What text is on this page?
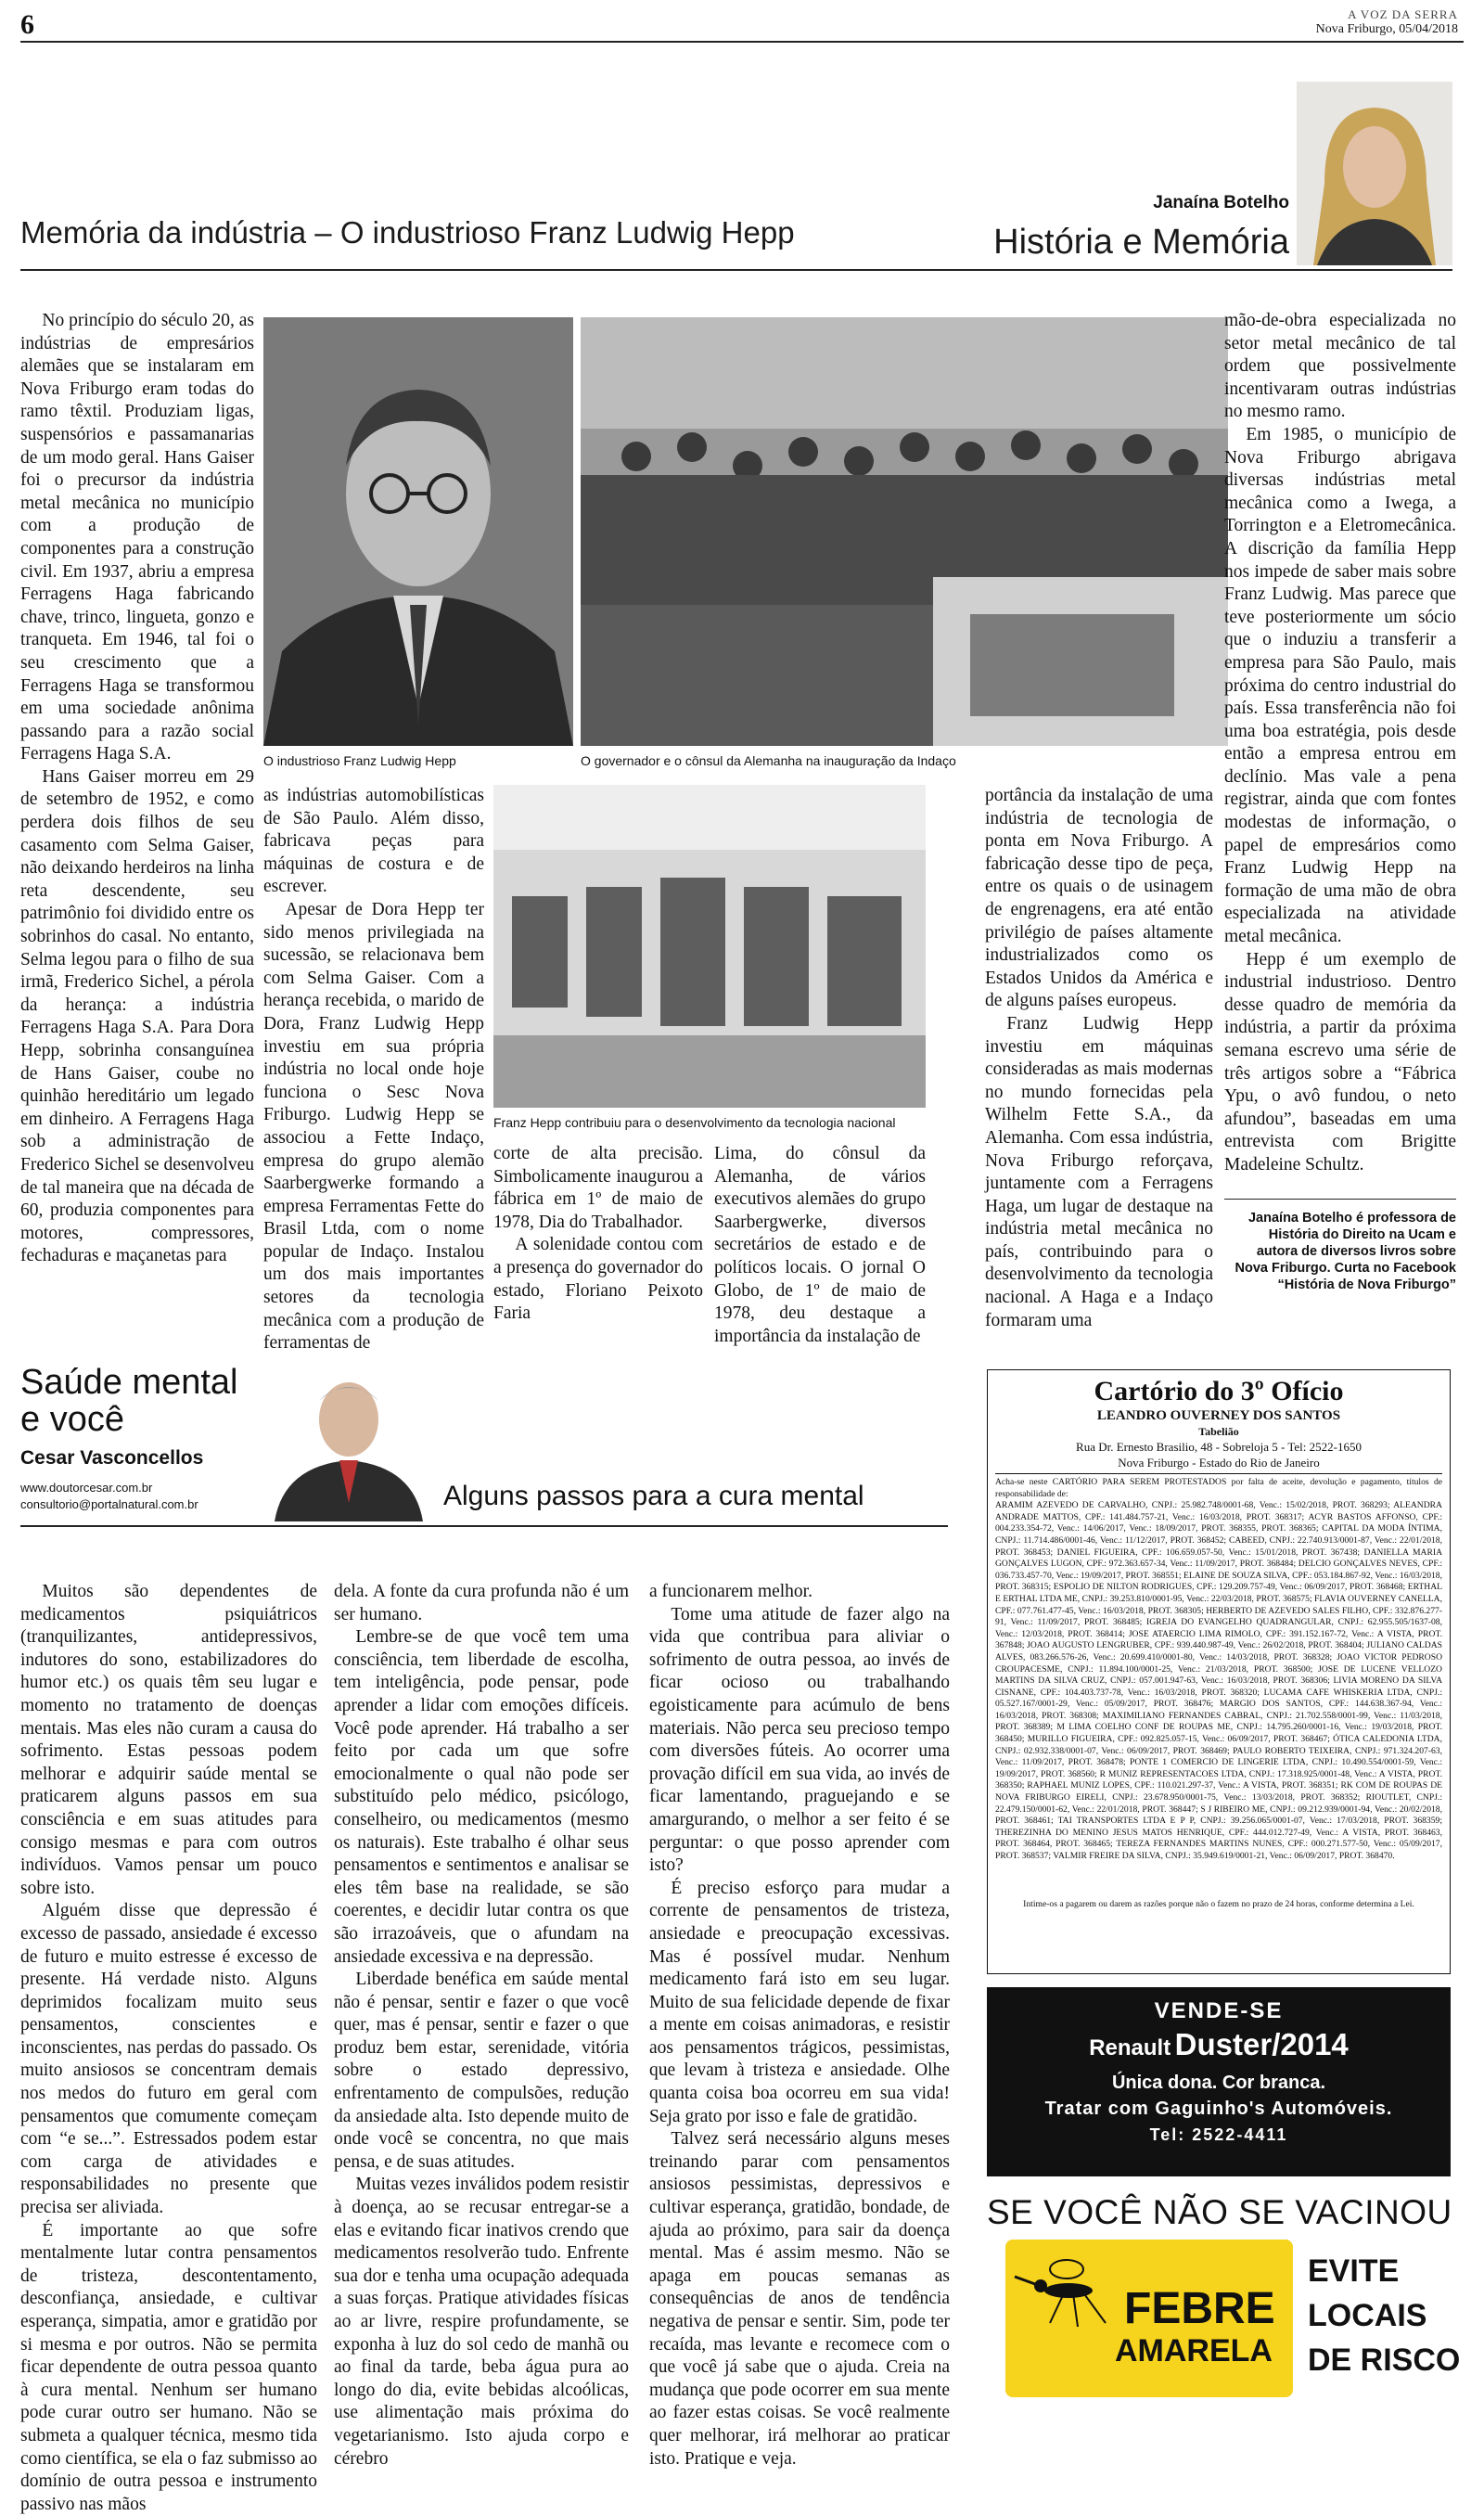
6	A VOZ DA SERRA
Nova Friburgo, 05/04/2018
Memória da indústria – O industrioso Franz Ludwig Hepp
Janaína Botelho
História e Memória

No princípio do século 20, as indústrias de empresários alemães que se instalaram em Nova Friburgo eram todas do ramo têxtil. Produziam ligas, suspensórios e passamanarias de um modo geral. Hans Gaiser foi o precursor da indústria metal mecânica no município com a produção de componentes para a construção civil. Em 1937, abriu a empresa Ferragens Haga fabricando chave, trinco, lingueta, gonzo e tranqueta. Em 1946, tal foi o seu crescimento que a Ferragens Haga se transformou em uma sociedade anônima passando para a razão social Ferragens Haga S.A.

Hans Gaiser morreu em 29 de setembro de 1952, e como perdera dois filhos de seu casamento com Selma Gaiser, não deixando herdeiros na linha reta descendente, seu patrimônio foi dividido entre os sobrinhos do casal. No entanto, Selma legou para o filho de sua irmã, Frederico Sichel, a pérola da herança: a indústria Ferragens Haga S.A. Para Dora Hepp, sobrinha consanguínea de Hans Gaiser, coube no quinhão hereditário um legado em dinheiro. A Ferragens Haga sob a administração de Frederico Sichel se desenvolveu de tal maneira que na década de 60, produzia componentes para motores, compressores, fechaduras e maçanetas para

O industrioso Franz Ludwig Hepp	O governador e o cônsul da Alemanha na inauguração da Indaço

as indústrias automobilísticas de São Paulo. Além disso, fabricava peças para máquinas de costura e de escrever.

Apesar de Dora Hepp ter sido menos privilegiada na sucessão, se relacionava bem com Selma Gaiser. Com a herança recebida, o marido de Dora, Franz Ludwig Hepp investiu em sua própria indústria no local onde hoje funciona o Sesc Nova Friburgo. Ludwig Hepp se associou a Fette Indaço, empresa do grupo alemão Saarbergwerke formando a empresa Ferramentas Fette do Brasil Ltda, com o nome popular de Indaço. Instalou um dos mais importantes setores da tecnologia mecânica com a produção de ferramentas de

Franz Hepp contribuiu para o desenvolvimento da tecnologia nacional

corte de alta precisão. Simbolicamente inaugurou a fábrica em 1º de maio de 1978, Dia do Trabalhador.

A solenidade contou com a presença do governador do estado, Floriano Peixoto Faria

Lima, do cônsul da Alemanha, de vários executivos alemães do grupo Saarbergwerke, diversos secretários de estado e de políticos locais. O jornal O Globo, de 1º de maio de 1978, deu destaque a importância da instalação de

portância da instalação de uma indústria de tecnologia de ponta em Nova Friburgo. A fabricação desse tipo de peça, entre os quais o de usinagem de engrenagens, era até então privilégio de países altamente industrializados como os Estados Unidos da América e de alguns países europeus.

Franz Ludwig Hepp investiu em máquinas consideradas as mais modernas no mundo fornecidas pela Wilhelm Fette S.A., da Alemanha. Com essa indústria, Nova Friburgo reforçava, juntamente com a Ferragens Haga, um lugar de destaque na indústria metal mecânica no país, contribuindo para o desenvolvimento da tecnologia nacional. A Haga e a Indaço formaram uma

mão-de-obra especializada no setor metal mecânico de tal ordem que possivelmente incentivaram outras indústrias no mesmo ramo.

Em 1985, o município de Nova Friburgo abrigava diversas indústrias metal mecânica como a Iwega, a Torrington e a Eletromecânica. A discrição da família Hepp nos impede de saber mais sobre Franz Ludwig. Mas parece que teve posteriormente um sócio que o induziu a transferir a empresa para São Paulo, mais próxima do centro industrial do país. Essa transferência não foi uma boa estratégia, pois desde então a empresa entrou em declínio. Mas vale a pena registrar, ainda que com fontes modestas de informação, o papel de empresários como Franz Ludwig Hepp na formação de uma mão de obra especializada na atividade metal mecânica.

Hepp é um exemplo de industrial industrioso. Dentro desse quadro de memória da indústria, a partir da próxima semana escrevo uma série de três artigos sobre a “Fábrica Ypu, o avô fundou, o neto afundou”, baseadas em uma entrevista com Brigitte Madeleine Schultz.

Janaína Botelho é professora de História do Direito na Ucam e autora de diversos livros sobre Nova Friburgo. Curta no Facebook “História de Nova Friburgo”
Saúde mental
e você
Cesar Vasconcellos
www.doutorcesar.com.br
consultorio@portalnatural.com.br	Alguns passos para a cura mental

Muitos são dependentes de medicamentos psiquiátricos (tranquilizantes, antidepressivos, indutores do sono, estabilizadores do humor etc.) os quais têm seu lugar e momento no tratamento de doenças mentais. Mas eles não curam a causa do sofrimento. Estas pessoas podem melhorar e adquirir saúde mental se praticarem alguns passos em sua consciência e em suas atitudes para consigo mesmas e para com outros indivíduos. Vamos pensar um pouco sobre isto.

Alguém disse que depressão é excesso de passado, ansiedade é excesso de futuro e muito estresse é excesso de presente. Há verdade nisto. Alguns deprimidos focalizam muito seus pensamentos, conscientes e inconscientes, nas perdas do passado. Os muito ansiosos se concentram demais nos medos do futuro em geral com pensamentos que comumente começam com “e se...”. Estressados podem estar com carga de atividades e responsabilidades no presente que precisa ser aliviada.

É importante ao que sofre mentalmente lutar contra pensamentos de tristeza, descontentamento, desconfiança, ansiedade, e cultivar esperança, simpatia, amor e gratidão por si mesma e por outros. Não se permita ficar dependente de outra pessoa quanto à cura mental. Nenhum ser humano pode curar outro ser humano. Não se submeta a qualquer técnica, mesmo tida como científica, se ela o faz submisso ao domínio de outra pessoa e instrumento passivo nas mãos

dela. A fonte da cura profunda não é um ser humano.

Lembre-se de que você tem uma consciência, tem liberdade de escolha, tem inteligência, pode pensar, pode aprender a lidar com emoções difíceis. Você pode aprender. Há trabalho a ser feito por cada um que sofre emocionalmente o qual não pode ser substituído pelo médico, psicólogo, conselheiro, ou medicamentos (mesmo os naturais). Este trabalho é olhar seus pensamentos e sentimentos e analisar se eles têm base na realidade, se são coerentes, e decidir lutar contra os que são irrazoáveis, que o afundam na ansiedade excessiva e na depressão.

Liberdade benéfica em saúde mental não é pensar, sentir e fazer o que você quer, mas é pensar, sentir e fazer o que produz bem estar, serenidade, vitória sobre o estado depressivo, enfrentamento de compulsões, redução da ansiedade alta. Isto depende muito de onde você se concentra, no que mais pensa, e de suas atitudes.

Muitas vezes inválidos podem resistir à doença, ao se recusar entregar-se a elas e evitando ficar inativos crendo que medicamentos resolverão tudo. Enfrente sua dor e tenha uma ocupação adequada a suas forças. Pratique atividades físicas ao ar livre, respire profundamente, se exponha à luz do sol cedo de manhã ou ao final da tarde, beba água pura ao longo do dia, evite bebidas alcoólicas, use alimentação mais próxima do vegetarianismo. Isto ajuda corpo e cérebro

a funcionarem melhor.

Tome uma atitude de fazer algo na vida que contribua para aliviar o sofrimento de outra pessoa, ao invés de ficar ocioso ou trabalhando egoisticamente para acúmulo de bens materiais. Não perca seu precioso tempo com diversões fúteis. Ao ocorrer uma provação difícil em sua vida, ao invés de ficar lamentando, praguejando e se amargurando, o melhor a ser feito é se perguntar: o que posso aprender com isto?

É preciso esforço para mudar a corrente de pensamentos de tristeza, ansiedade e preocupação excessivas. Mas é possível mudar. Nenhum medicamento fará isto em seu lugar. Muito de sua felicidade depende de fixar a mente em coisas animadoras, e resistir aos pensamentos trágicos, pessimistas, que levam à tristeza e ansiedade. Olhe quanta coisa boa ocorreu em sua vida! Seja grato por isso e fale de gratidão.

Talvez será necessário alguns meses treinando parar com pensamentos ansiosos pessimistas, depressivos e cultivar esperança, gratidão, bondade, de ajuda ao próximo, para sair da doença mental. Mas é assim mesmo. Não se apaga em poucas semanas as consequências de anos de tendência negativa de pensar e sentir. Sim, pode ter recaída, mas levante e recomece com o que você já sabe que o ajuda. Creia na mudança que pode ocorrer em sua mente ao fazer estas coisas. Se você realmente quer melhorar, irá melhorar ao praticar isto. Pratique e veja.

Cartório do 3º Ofício
LEANDRO OUVERNEY DOS SANTOS
Tabelião
Rua Dr. Ernesto Brasilio, 48 - Sobreloja 5 - Tel: 2522-1650
Nova Friburgo - Estado do Rio de Janeiro
Acha-se neste CARTÓRIO PARA SEREM PROTESTADOS por falta de aceite, devolução e pagamento, títulos de responsabilidade de:
ARAMIM AZEVEDO DE CARVALHO, CNPJ.: 25.982.748/0001-68, Venc.: 15/02/2018, PROT. 368293; ALEANDRA ANDRADE MATTOS, CPF.: 141.484.757-21, Venc.: 16/03/2018, PROT. 368317; ACYR BASTOS AFFONSO, CPF.: 004.233.354-72, Venc.: 14/06/2017, Venc.: 18/09/2017, PROT. 368355, PROT. 368365; CAPITAL DA MODA ÍNTIMA, CNPJ.: 11.714.486/0001-46, Venc.: 11/12/2017, PROT. 368452; CABEED, CNPJ.: 22.740.913/0001-87, Venc.: 22/01/2018, PROT. 368453; DANIEL FIGUEIRA, CPF.: 106.659.057-50, Venc.: 15/01/2018, PROT. 367438; DANIELLA MARIA GONÇALVES LUGON, CPF.: 972.363.657-34, Venc.: 11/09/2017, PROT. 368484; DELCIO GONÇALVES NEVES, CPF.: 036.733.457-70, Venc.: 19/09/2017, PROT. 368551; ELAINE DE SOUZA SILVA, CPF.: 053.184.867-92, Venc.: 16/03/2018, PROT. 368315; ESPOLIO DE NILTON RODRIGUES, CPF.: 129.209.757-49, Venc.: 06/09/2017, PROT. 368468; ERTHAL E ERTHAL LTDA ME, CNPJ.: 39.253.810/0001-95, Venc.: 22/03/2018, PROT. 368575; FLAVIA OUVERNEY CANELLA, CPF.: 077.761.477-45, Venc.: 16/03/2018, PROT. 368305; HERBERTO DE AZEVEDO SALES FILHO, CPF.: 332.876.277-91, Venc.: 11/09/2017, PROT. 368485; IGREJA DO EVANGELHO QUADRANGULAR, CNPJ.: 62.955.505/1637-08, Venc.: 12/03/2018, PROT. 368414; JOSE ATAERCIO LIMA RIMOLO, CPF.: 391.152.167-72, Venc.: A VISTA, PROT. 367848; JOAO AUGUSTO LENGRUBER, CPF.: 939.440.987-49, Venc.: 26/02/2018, PROT. 368404; JULIANO CALDAS ALVES, 083.266.576-26, Venc.: 20.699.410/0001-80, Venc.: 14/03/2018, PROT. 368328; JOAO VICTOR PEDROSO CROUPACESME, CNPJ.: 11.894.100/0001-25, Venc.: 21/03/2018, PROT. 368500; JOSE DE LUCENE VELLOZO MARTINS DA SILVA CRUZ, CNPJ.: 057.001.947-63, Venc.: 16/03/2018, PROT. 368306; LIVIA MORENO DA SILVA CISNANE, CPF.: 104.403.737-78, Venc.: 16/03/2018, PROT. 368320; LUCAMA CAFE WHISKERIA LTDA, CNPJ.: 05.527.167/0001-29, Venc.: 05/09/2017, PROT. 368476; MARGIO DOS SANTOS, CPF.: 144.638.367-94, Venc.: 16/03/2018, PROT. 368308; MAXIMILIANO FERNANDES CABRAL, CNPJ.: 21.702.558/0001-99, Venc.: 11/03/2018, PROT. 368389; M LIMA COELHO CONF DE ROUPAS ME, CNPJ.: 14.795.260/0001-16, Venc.: 19/03/2018, PROT. 368450; MURILLO FIGUEIRA, CPF.: 092.825.057-15, Venc.: 06/09/2017, PROT. 368467; ÓTICA CALEDONIA LTDA, CNPJ.: 02.932.338/0001-07, Venc.: 06/09/2017, PROT. 368469; PAULO ROBERTO TEIXEIRA, CNPJ.: 971.324.207-63, Venc.: 11/09/2017, PROT. 368478; PONTE 1 COMERCIO DE LINGERIE LTDA, CNPJ.: 10.490.554/0001-59, Venc.: 19/09/2017, PROT. 368560; R MUNIZ REPRESENTACOES LTDA, CNPJ.: 17.318.925/0001-48, Venc.: A VISTA, PROT. 368350; RAPHAEL MUNIZ LOPES, CPF.: 110.021.297-37, Venc.: A VISTA, PROT. 368351; RK COM DE ROUPAS DE NOVA FRIBURGO EIRELI, CNPJ.: 23.678.950/0001-75, Venc.: 13/03/2018, PROT. 368352; RIOUTLET, CNPJ.: 22.479.150/0001-62, Venc.: 22/01/2018, PROT. 368447; S J RIBEIRO ME, CNPJ.: 09.212.939/0001-94, Venc.: 20/02/2018, PROT. 368461; TAI TRANSPORTES LTDA E P P, CNPJ.: 39.256.065/0001-07, Venc.: 17/03/2018, PROT. 368359; THEREZINHA DO MENINO JESUS MATOS HENRIQUE, CPF.: 444.012.727-49, Venc.: A VISTA, PROT. 368463, PROT. 368464, PROT. 368465; TEREZA FERNANDES MARTINS NUNES, CPF.: 000.271.577-50, Venc.: 05/09/2017, PROT. 368537; VALMIR FREIRE DA SILVA, CNPJ.: 35.949.619/0001-21, Venc.: 06/09/2017, PROT. 368470.
Intime-os a pagarem ou darem as razões porque não o fazem no prazo de 24 horas, conforme determina a Lei.
VENDE-SE
Renault Duster/2014
Única dona. Cor branca.
Tratar com Gaguinho's Automóveis.
Tel: 2522-4411
SE VOCÊ NÃO SE VACINOU
FEBRE
AMARELA
EVITE
LOCAIS
DE RISCO
